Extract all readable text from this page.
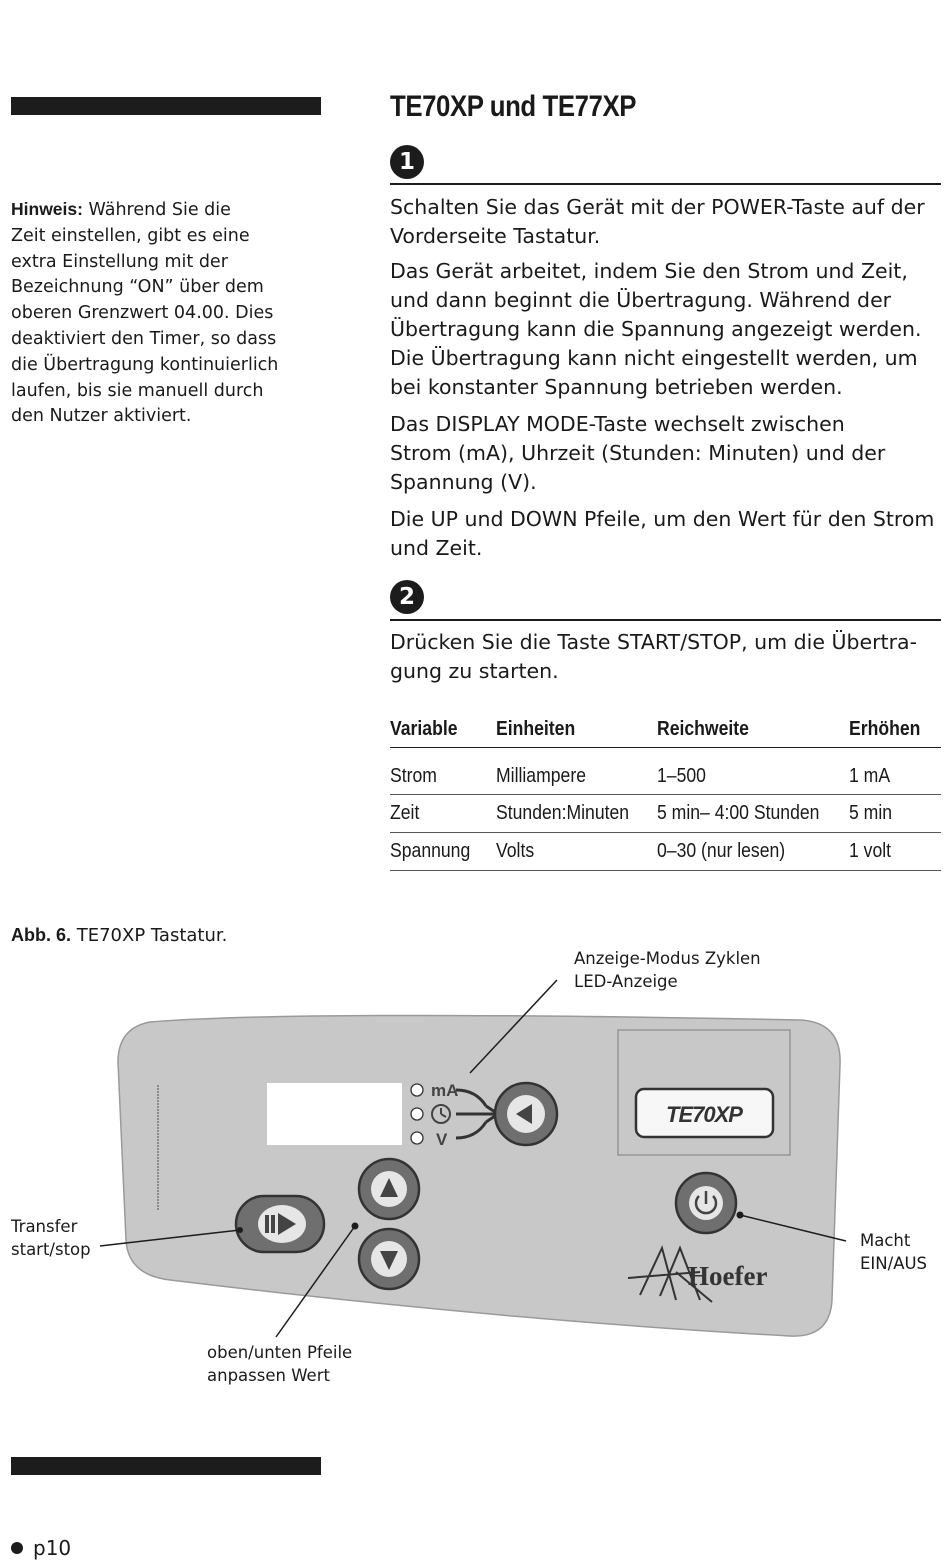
Hinweis: Während Sie die
Zeit einstellen, gibt es eine
extra Einstellung mit der
Bezeichnung “ON” über dem
oberen Grenzwert 04.00. Dies
deaktiviert den Timer, so dass
die Übertragung kontinuierlich
laufen, bis sie manuell durch
den Nutzer aktiviert.
TE70XP und TE77XP
1

Schalten Sie das Gerät mit der POWER-Taste auf der
Vorderseite Tastatur.

Das Gerät arbeitet, indem Sie den Strom und Zeit,
und dann beginnt die Übertragung. Während der
Übertragung kann die Spannung angezeigt werden.
Die Übertragung kann nicht eingestellt werden, um
bei konstanter Spannung betrieben werden.

Das DISPLAY MODE-Taste wechselt zwischen
Strom (mA), Uhrzeit (Stunden: Minuten) und der
Spannung (V).

Die UP und DOWN Pfeile, um den Wert für den Strom
und Zeit.

2

Drücken Sie die Taste START/STOP, um die Übertra-
gung zu starten.

Variable	Einheiten	Reichweite	Erhöhen
Strom	Milliampere	1–500	1 mA
Zeit	Stunden:Minuten	5 min– 4:00 Stunden	5 min
Spannung	Volts	0–30 (nur lesen)	1 volt
Abb. 6. TE70XP Tastatur.
mA
V
TE70XP
Hoefer
Anzeige-Modus Zyklen
LED-Anzeige
Transfer
start/stop	Macht
EIN/AUS
oben/unten Pfeile
anpassen Wert
p10
